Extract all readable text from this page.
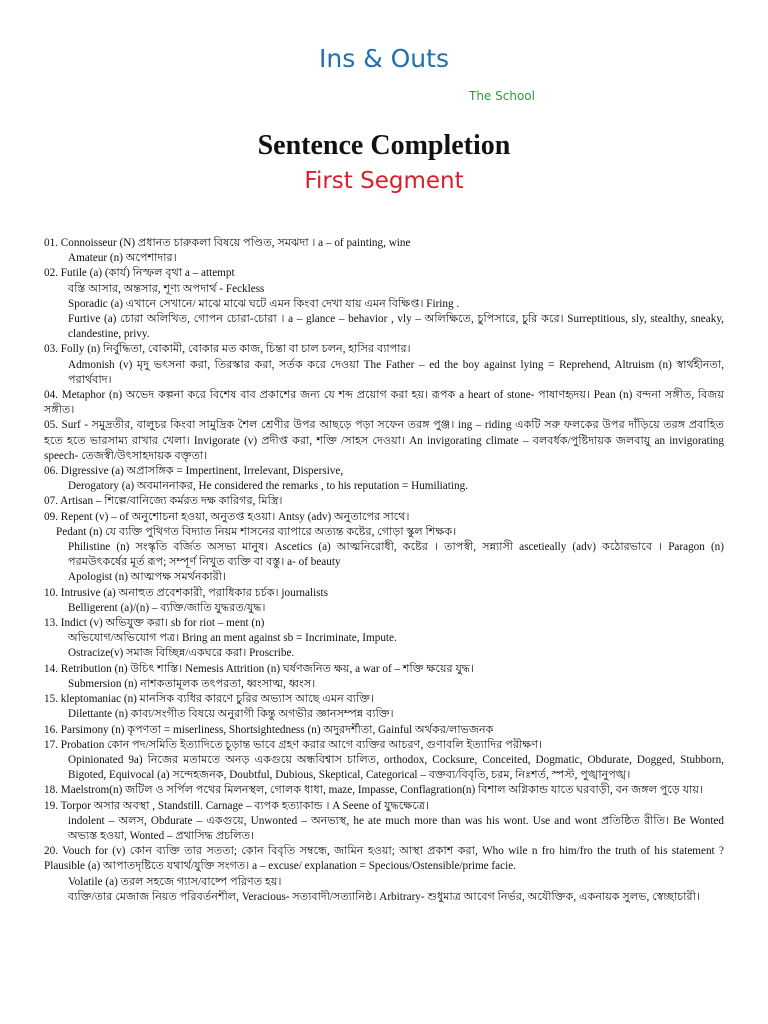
Ins & Outs
The School
Sentence Completion
First Segment
01. Connoisseur (N) প্রধানত চারুকলা বিষয়ে পণ্ডিত, সমঝদা । a – of painting, wine
Amateur (n) অপেশাদার।
02. Futile (a) (কার্য) নিস্ফল বৃথা a – attempt
বস্তি আসার, অন্তসার, শূণ্য অপদার্থ - Feckless
Sporadic (a) এখানে সেখানে/ মাঝে মাঝে ঘটে এমন কিংবা দেখা যায় এমন বিক্ষিপ্ত। Firing .
Furtive (a) চোরা অলিখিত, গোপন চোরা-চোরা । a – glance – behavior , vly – অলিক্ষিতে, চুপিসারে, চুরি করে। Surreptitious, sly, stealthy, sneaky, clandestine, privy.
03. Folly (n) নির্বুদ্ধিতা, বোকামী, বোকার মত কাজ, চিন্তা বা চাল চলন, হাসির ব্যাপার।
Admonish (v) মৃদু ভৎসনা করা, তিরস্কার করা, সর্তক করে দেওয়া The Father – ed the boy against lying = Reprehend, Altruism (n) স্বার্থহীনতা, পরার্থবাদ।
04. Metaphor (n) অভেদ কল্পনা করে বিশেষ বাব প্রকাশের জন্য যে শব্দ প্রয়োগ করা হয়। রূপক a heart of stone- পাষাণহৃদয়। Pean (n) বন্দনা সঙ্গীত, বিজয় সঙ্গীত।
05. Surf - সমুদ্রতীর, বালুচর কিংবা সামুদ্রিক শৈল শ্রেণীর উপর আছড়ে পড়া সফেন তরঙ্গ পুঞ্জ। ing – riding একটি সরু ফলকের উপর দাঁড়িয়ে তরঙ্গ প্রবাহিত হতে হতে ভারসাম্য রাখার খেলা। Invigorate (v) প্রদীপ্ত করা, শক্তি /সাহস দেওয়া। An invigorating climate – বলবর্ধক/পুষ্টিদায়ক জলবায়ু an invigorating speech- তেজস্বী/উৎসাহদায়ক বক্তৃতা।
06. Digressive (a) অপ্রাসঙ্গিক = Impertinent, Irrelevant, Dispersive,
Derogatory (a) অবমাননাকর, He considered the remarks , to his reputation = Humiliating.
07. Artisan – শিল্পে/বানিজ্যে কর্মরত দক্ষ কারিগর, মিস্ত্রি।
09. Repent (v) – of অনুশোচনা হওয়া, অনুতপ্ত হওয়া। Antsy (adv) অনুতাপের সাথে।
Pedant (n) যে ব্যক্তি পুথিগত বিদ্যাত নিয়ম শাসনের ব্যাপারে অত্যন্ত কষ্টের, গোড়া স্কুল শিক্ষক।
Philistine (n) সংস্কৃতি বর্জিত অসভ্য মানুষ। Ascetics (a) আত্মনিরোধী, কষ্টের । তাপস্বী, সন্ন্যাসী ascetieally (adv) কঠোরভাবে । Paragon (n) পরমউৎকর্ষের মূর্ত রূপ; সম্পূর্ণ নিখুত ব্যক্তি বা বস্তু। a- of beauty
Apologist (n) আত্মপক্ষ সমর্থনকারী।
10. Intrusive (a) অনাহুত প্রবেশকারী, পরাধিকার চর্চক। journalists
Belligerent (a)/(n) – ব্যক্তি/জাতি যুদ্ধরত/যুদ্ধ।
13. Indict (v) অভিযুক্ত করা। sb for riot – ment (n)
অভিযোগ/অভিযোগ পত্র। Bring an ment against sb = Incriminate, Impute.
Ostracize(v) সমাজ বিচ্ছিন্ন/একঘরে করা। Proscribe.
14. Retribution (n) উচিৎ শাস্তি। Nemesis Attrition (n) ঘর্ষণজনিত ক্ষয়, a war of – শক্তি ক্ষয়ের যুদ্ধ।
Submersion (n) নাশকতামূলক তৎপরতা, ধ্বংসাত্ম, ধ্বংস।
15. kleptomaniac (n) মানসিক ব্যধির কারণে চুরির অভ্যাস আছে এমন ব্যক্তি।
Dilettante (n) কাব্য/সংগীত বিষয়ে অনুরাগী কিন্তু অগভীর জ্ঞানসম্পন্ন ব্যক্তি।
16. Parsimony (n) কৃপণতা = miserliness, Shortsightedness (n) অদুরদর্শীতা, Gainful অর্থকর/লাভজনক
17. Probation কোন পদ/সমিতি ইত্যাদিতে চূড়ান্ত ভাবে গ্রহণ করার আগে ব্যক্তির আচরণ, গুণাবলি ইত্যাদির পরীক্ষণ।
Opinionated 9a) নিজের মতামতে অনড় একগুয়ে অন্ধবিশ্বাস চালিত, orthodox, Cocksure, Conceited, Dogmatic, Obdurate, Dogged, Stubborn, Bigoted, Equivocal (a) সন্দেহজনক, Doubtful, Dubious, Skeptical, Categorical – বক্তব্য/বিবৃতি, চরম, নিঃশর্ত, স্পস্ট, পুঙ্খানুপঙ্খ।
18. Maelstrom(n) জটিল ও সর্পিল পথের মিলনস্থল, গোলক ধাধা, maze, Impasse, Conflagration(n) বিশাল অগ্নিকান্ড যাতে ঘরবাড়ী, বন জঙ্গল পুড়ে যায়।
19. Torpor অসার অবস্থা , Standstill. Carnage – ব্যপক হত্যাকান্ড । A Seene of যুদ্ধক্ষেত্রে।
indolent – অলস, Obdurate – একগুয়ে, Unwonted – অনভ্যস্থ, he ate much more than was his wont. Use and wont প্রতিষ্ঠিত রীতি। Be Wonted অভ্যস্ত হওয়া, Wonted – প্রথাসিদ্ধ প্রচলিত।
20. Vouch for (v) কোন ব্যক্তি তার সততা; কোন বিবৃতি সম্বন্ধে, জামিন হওয়া; আস্থা প্রকাশ করা, Who wile n fro him/fro the truth of his statement ? Plausible (a) আপাতদৃষ্টিতে যথার্থ/যুক্তি সংগত। a – excuse/ explanation = Specious/Ostensible/prime facie.
Volatile (a) তরল সহজে গ্যাস/বাষ্পে পরিণত হয়।
ব্যক্তি/তার মেজাজ নিয়ত পরিবর্তনশীল, Veracious- সত্যবাদী/সত্যানিষ্ঠ। Arbitrary- শুধুমাত্র আবেগ নির্ভর, অযৌক্তিক, একনায়ক সুলভ, স্বেচ্ছাচারী।
